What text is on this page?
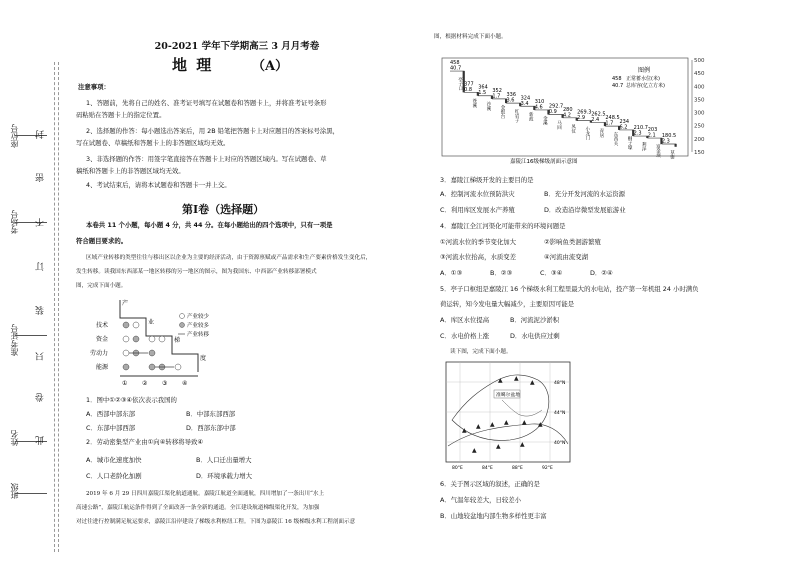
班级
姓名
准考证号
考场号
座位号
此
卷
只
装
订
不
密
封
20-2021 学年下学期高三 3 月月考卷
地 理	（A）
注意事项：
1、答题前，先将自己的姓名、准考证号填写在试题卷和答题卡上，并将准考证号条形
码粘贴在答题卡上的指定位置。
2、选择题的作答：每小题选出答案后，用 2B 铅笔把答题卡上对应题目的答案标号涂黑，
写在试题卷、草稿纸和答题卡上的非答题区域均无效。
3、非选择题的作答：用签字笔直接答在答题卡上对应的答题区域内。写在试题卷、草
稿纸和答题卡上的非答题区域均无效。
4、考试结束后，请将本试题卷和答题卡一并上交。
第Ⅰ卷（选择题）
本卷共 11 个小题，每小题 4 分，共 44 分。在每小题给出的四个选项中，只有一项是
符合题目要求的。
区域产业转移的类型往往与移出区以企业为主要的经济活动，由于资源禀赋或产品需求和生产要素价格发生变化后，
发生转移。读我国东西部某一地区转移的另一地区的图示，图为我国东、中西部产业转移部署模式
图，完成下面小题。
产
业
梯
度
技术
资金
劳动力
能源
① ② ③ ④
产业较少
产业较多
产业转移
1．图中①②③④依次表示我国的
A．西部中部东部	B．中部东部西部
C．东部中部西部	D．西部东部中部
2．劳动密集型产业由①向④转移将导致④
A．城市化速度加快	B．人口迁出量增大
C．人口老龄化加剧	D．环境承载力增大
2019 年 6 月 29 日四川嘉陵江渠化航道通航。嘉陵江航道全面通航，四川增加了一条出川“水上
高速公路”，嘉陵江航运条件得到了全面改善一条全新的通道。全江建设航道梯级渠化开发，为加强
对过往进行控制满足航运要求，嘉陵江沿岸建设了梯级水利枢纽工程。下图为嘉陵江 16 级梯级水利工程剖面示意
图，根据材料完成下面小题。
500
450
400
350
300
250
200
150
458
40.7
亭子口 377
0.8
苍溪
364
1.5
沙溪
352
1.7
金银台
336
3.6
红岩子
324
3.4
新政
310
4.6
金溪
292.7
0.9
马回
280
4.2
凤仪
269.3
2.9
小龙门
262.5
2.4
青居
248.5
1.7
东西关
234
6.2
桐子壕
210.7
2.3
利泽
203
2.1
富金坝
180.5
2.3
草街
图例
458 正常蓄水位(米)
40.7 总库容(亿立方米)
嘉陵江16级梯级剖面示意图
3．嘉陵江梯级开发的主要目的是
A．控制河流水位预防洪灾	B．充分开发河流的水运资源
C．利用库区发展水产养殖	D．改造沿岸微型发展旅游业
4．嘉陵江全江河渠化可能带来的环境问题是
①河流水位的季节变化加大	②影响鱼类洄游繁殖
③河流水位抬高，水质变差	④河流由流变湖
A．①③	B．②③	C．③④	D．②④
5．亭子口枢纽是嘉陵江 16 个梯级水利工程里最大的水电站，投产第一年机组 24 小时满负
荷运转，知今发电量大幅减少，主要原因可能是
A．库区水位提高	B．河流泥沙淤积
C．水电价格上涨	D．水电供应过剩
读下图，完成下面小题。
▲
▲ ▲ ▲ ▲ ▲
▲ ▲
▲
▲
▲	▲
准噶尔盆地
48°N
44°N
40°N
80°E	84°E	88°E	92°E
6．关于图示区域的叙述，正确的是
A．气温年较差大，日较差小
B．山地较盆地内部生物多样性更丰富
